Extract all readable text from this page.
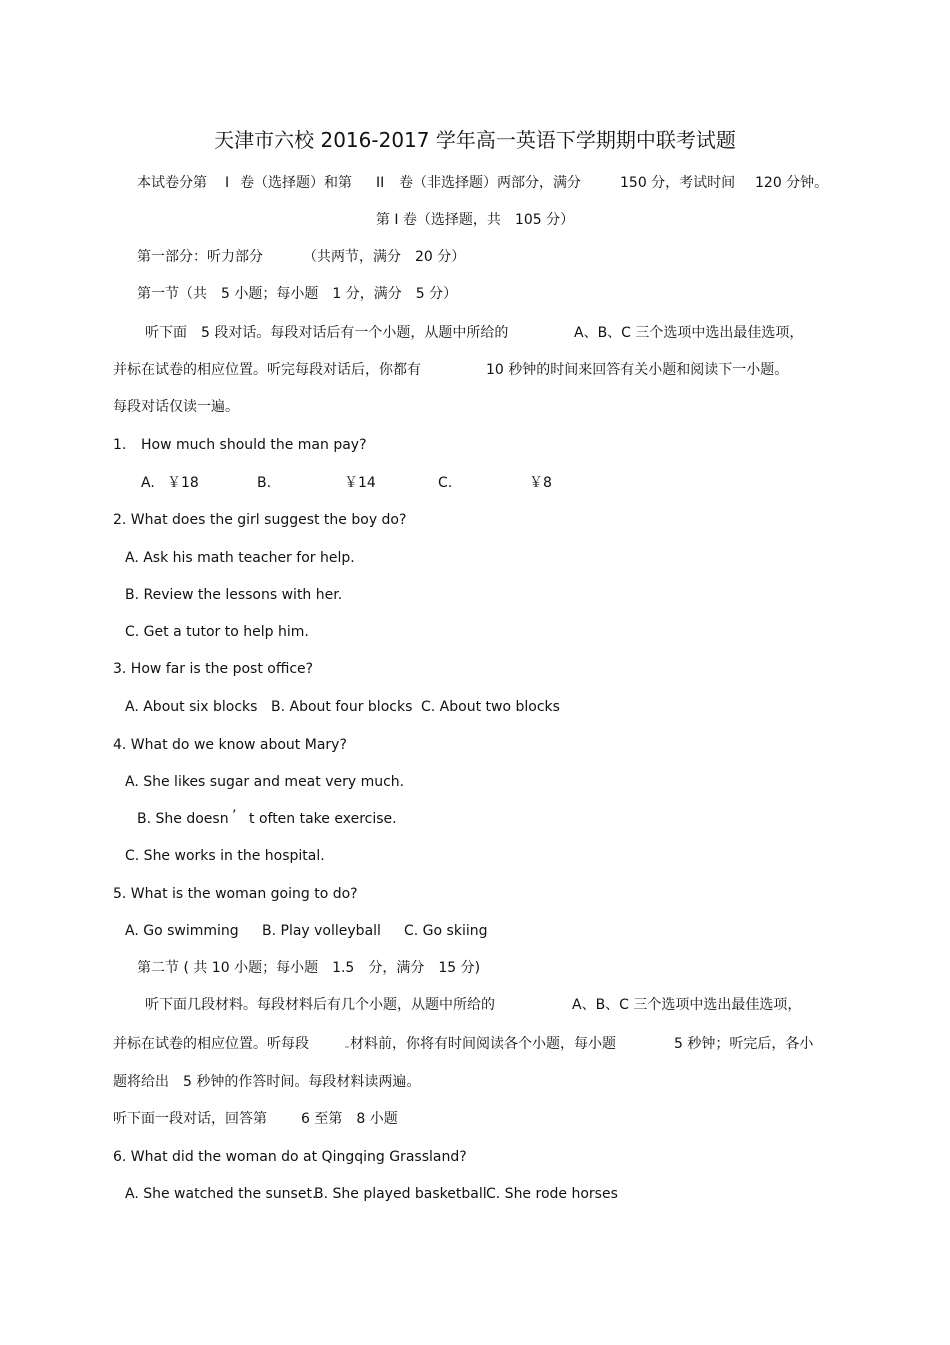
天津市六校 2016-2017 学年高一英语下学期期中联考试题
本试卷分第 I 卷（选择题）和第 II 卷（非选择题）两部分，满分	150 分，考试时间 120 分钟。
第 I 卷（选择题，共　105 分）
第一部分：听力部分	（共两节，满分　20 分）
第一节（共　5 小题；每小题　1 分，满分　5 分）
听下面　5 段对话。每段对话后有一个小题，从题中所给的	A、B、C 三个选项中选出最佳选项，
并标在试卷的相应位置。听完每段对话后，你都有	10 秒钟的时间来回答有关小题和阅读下一小题。
每段对话仅读一遍。
1. How much should the man pay?
A. ￥18	B.	￥14	C.	￥8
2. What does the girl suggest the boy do?
A. Ask his math teacher for help.
B. Review the lessons with her.
C. Get a tutor to help him.
3. How far is the post office?
A. About six blocks B. About four blocks C. About two blocks
4. What do we know about Mary?
A. She likes sugar and meat very much.
B. She doesn ’ t often take exercise.
C. She works in the hospital.
5. What is the woman going to do?
A. Go swimming B. Play volleyball C. Go skiing
第二节 ( 共 10 小题；每小题　1.5　分，满分　15 分)
听下面几段材料。每段材料后有几个小题，从题中所给的	A、B、C 三个选项中选出最佳选项，
并标在试卷的相应位置。听每段	材料前，你将有时间阅读各个小题，每小题	5 秒钟；听完后，各小
题将给出　5 秒钟的作答时间。每段材料读两遍。
听下面一段对话，回答第 6 至第　8 小题
6. What did the woman do at Qingqing Grassland?
A. She watched the sunset.
B. She played basketball C. She rode horses
